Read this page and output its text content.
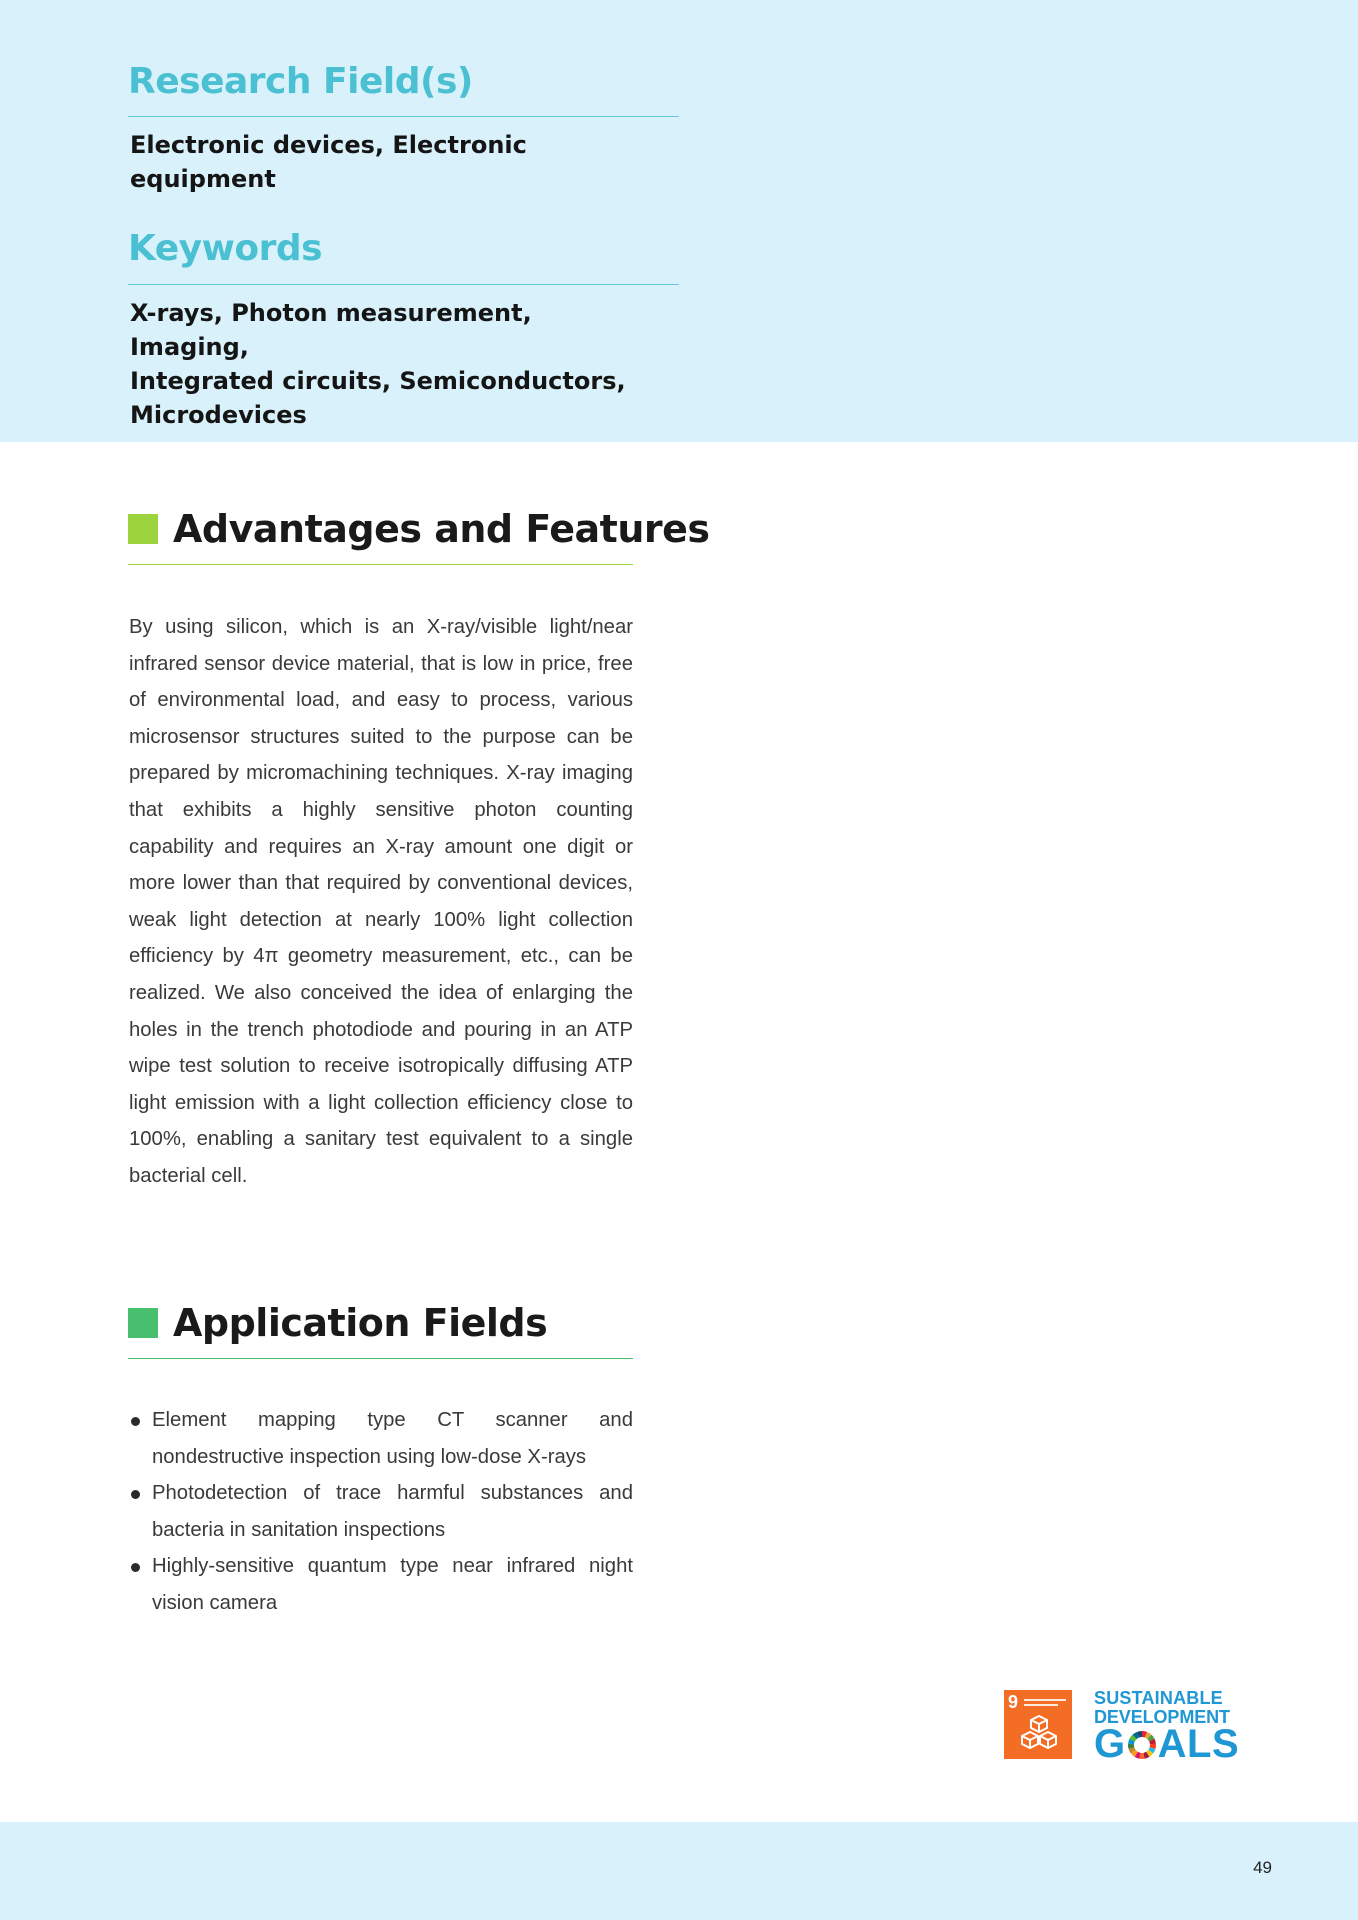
Research Field(s)

Electronic devices, Electronic equipment

Keywords
X-rays, Photon measurement, Imaging,
Integrated circuits, Semiconductors,
Microdevices
Advantages and Features

By using silicon, which is an X-ray/visible light/near infrared sensor device material, that is low in price, free of environmental load, and easy to process, various microsensor structures suited to the purpose can be prepared by micromachining techniques. X-ray imaging that exhibits a highly sensitive photon counting capability and requires an X-ray amount one digit or more lower than that required by conventional devices, weak light detection at nearly 100% light collection efficiency by 4π geometry measurement, etc., can be realized. We also conceived the idea of enlarging the holes in the trench photodiode and pouring in an ATP wipe test solution to receive isotropically diffusing ATP light emission with a light collection efficiency close to 100%, enabling a sanitary test equivalent to a single bacterial cell.

Application Fields
Element mapping type CT scanner and nondestructive inspection using low-dose X-rays
Photodetection of trace harmful substances and bacteria in sanitation inspections
Highly-sensitive quantum type near infrared night vision camera
9	SUSTAINABLE
DEVELOPMENT
G ALS
49
